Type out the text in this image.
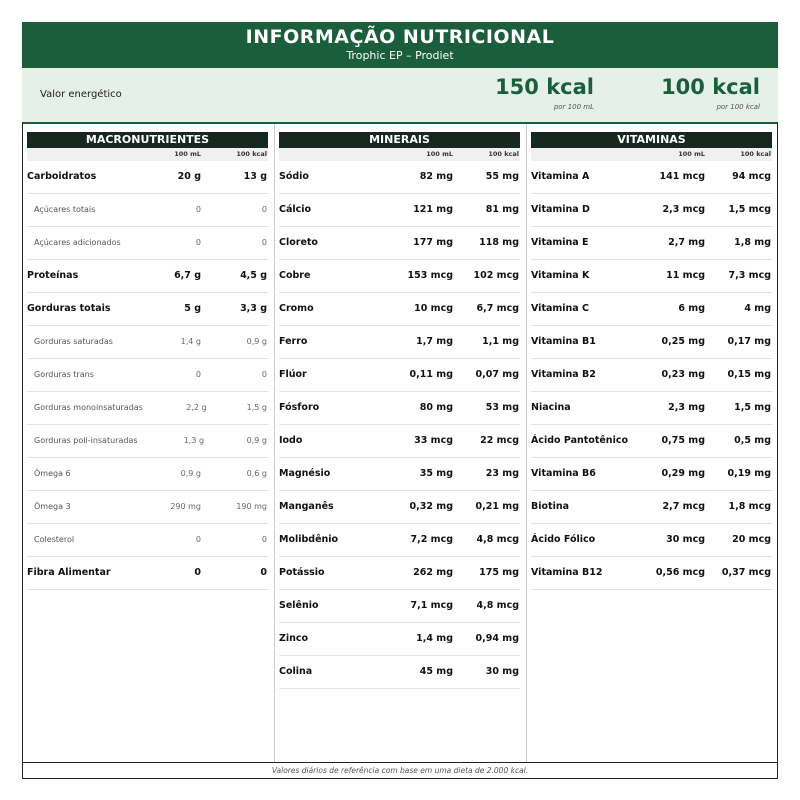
INFORMAÇÃO NUTRICIONAL
Trophic EP – Prodiet
Valor energético	150 kcal
por 100 mL
100 kcal
por 100 kcal
MACRONUTRIENTES
100 mL	100 kcal
Carboidratos	20 g	13 g
Açúcares totais	0	0
Açúcares adicionados	0	0
Proteínas	6,7 g	4,5 g
Gorduras totais	5 g	3,3 g
Gorduras saturadas	1,4 g	0,9 g
Gorduras trans	0	0
Gorduras monoinsaturadas	2,2 g	1,5 g
Gorduras poli-insaturadas	1,3 g	0,9 g
Ômega 6	0,9 g	0,6 g
Ômega 3	290 mg	190 mg
Colesterol	0	0
Fibra Alimentar	0	0
MINERAIS
100 mL	100 kcal
Sódio	82 mg	55 mg
Cálcio	121 mg	81 mg
Cloreto	177 mg	118 mg
Cobre	153 mcg	102 mcg
Cromo	10 mcg	6,7 mcg
Ferro	1,7 mg	1,1 mg
Flúor	0,11 mg	0,07 mg
Fósforo	80 mg	53 mg
Iodo	33 mcg	22 mcg
Magnésio	35 mg	23 mg
Manganês	0,32 mg	0,21 mg
Molibdênio	7,2 mcg	4,8 mcg
Potássio	262 mg	175 mg
Selênio	7,1 mcg	4,8 mcg
Zinco	1,4 mg	0,94 mg
Colina	45 mg	30 mg
VITAMINAS
100 mL	100 kcal
Vitamina A	141 mcg	94 mcg
Vitamina D	2,3 mcg	1,5 mcg
Vitamina E	2,7 mg	1,8 mg
Vitamina K	11 mcg	7,3 mcg
Vitamina C	6 mg	4 mg
Vitamina B1	0,25 mg	0,17 mg
Vitamina B2	0,23 mg	0,15 mg
Niacina	2,3 mg	1,5 mg
Ácido Pantotênico	0,75 mg	0,5 mg
Vitamina B6	0,29 mg	0,19 mg
Biotina	2,7 mcg	1,8 mcg
Ácido Fólico	30 mcg	20 mcg
Vitamina B12	0,56 mcg	0,37 mcg
Valores diários de referência com base em uma dieta de 2.000 kcal.
